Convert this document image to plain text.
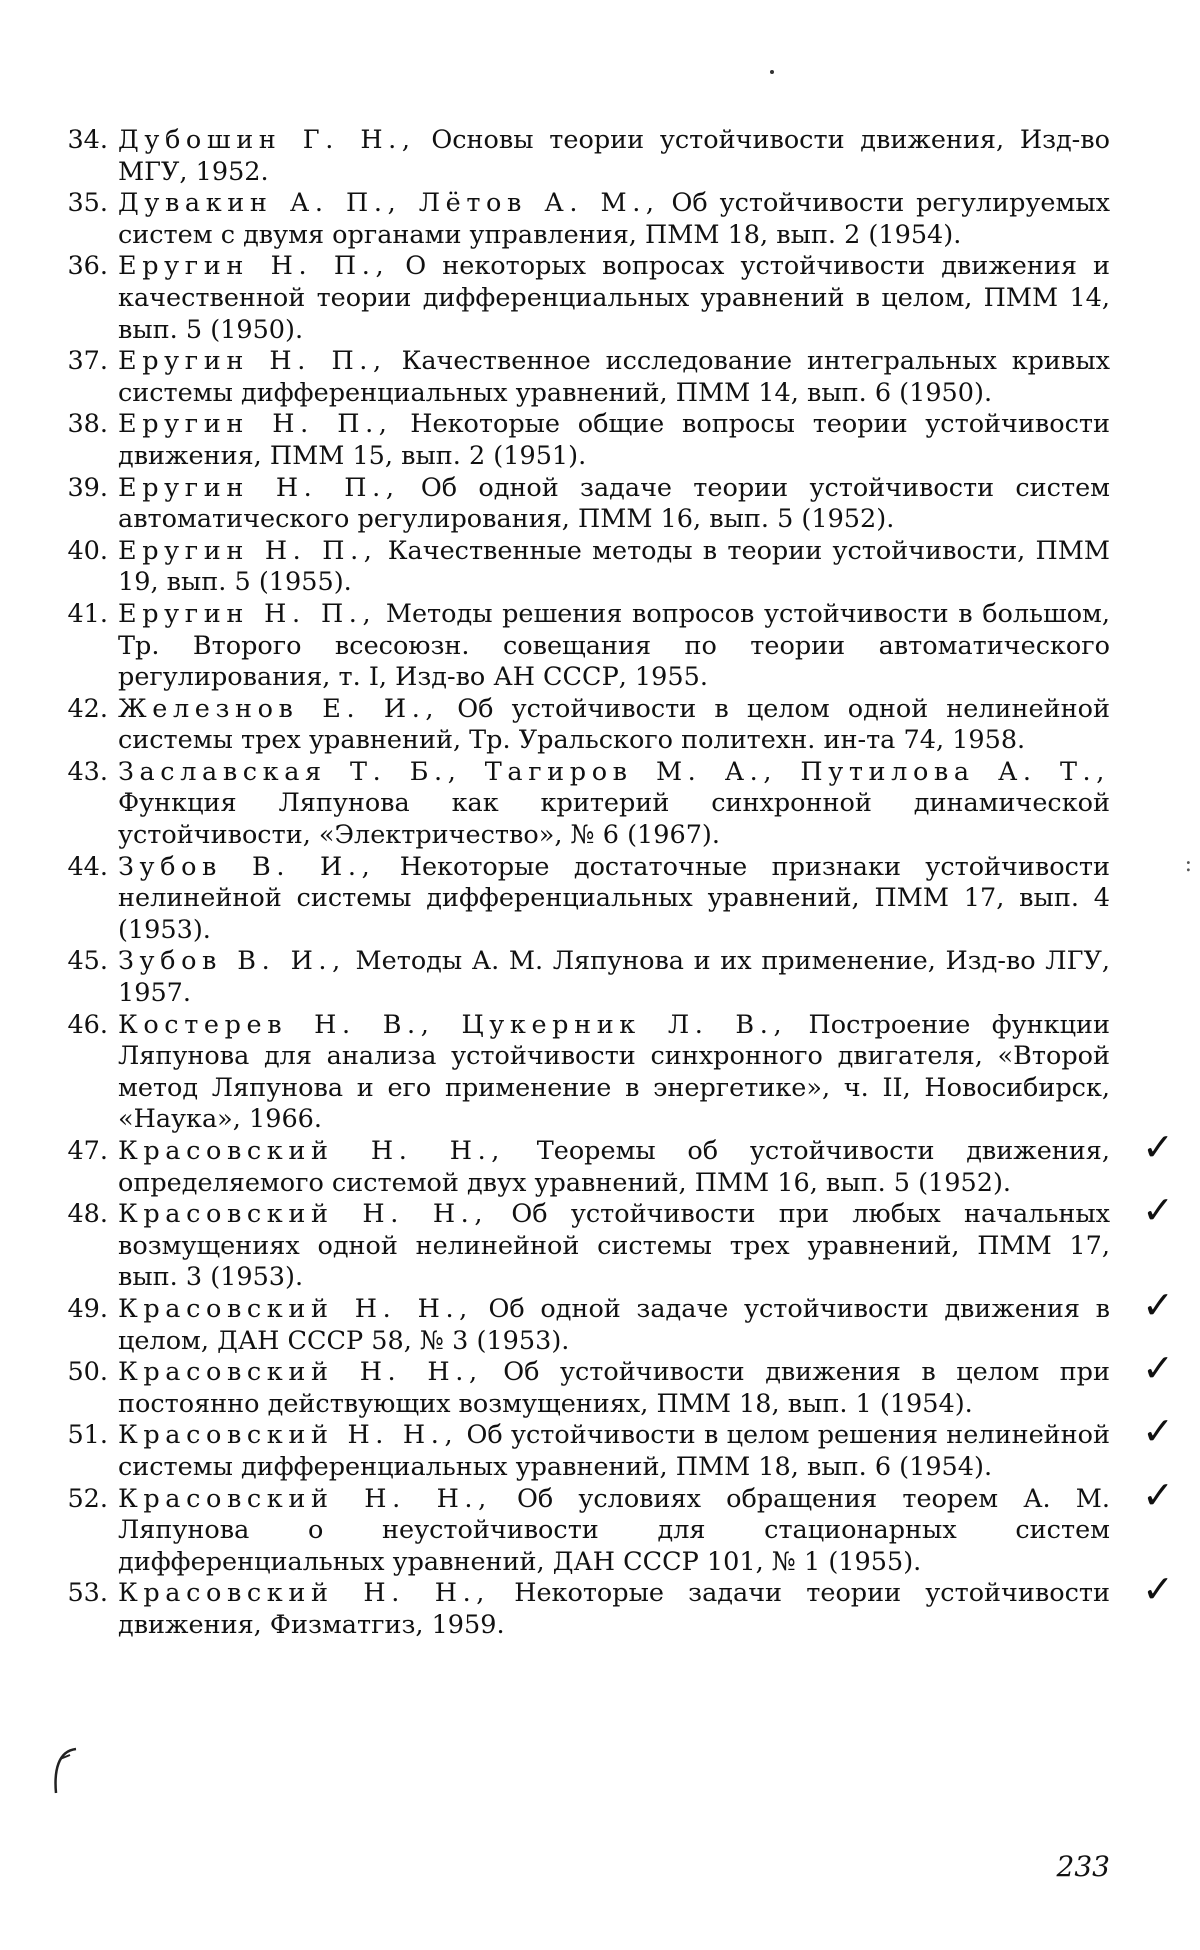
34. Дубошин Г. Н., Основы теории устойчивости движения, Изд-во МГУ, 1952.
35. Дувакин А. П., Лётов А. М., Об устойчивости регулируемых систем с двумя органами управления, ПММ 18, вып. 2 (1954).
36. Еругин Н. П., О некоторых вопросах устойчивости движения и качественной теории дифференциальных уравнений в целом, ПММ 14, вып. 5 (1950).
37. Еругин Н. П., Качественное исследование интегральных кривых системы дифференциальных уравнений, ПММ 14, вып. 6 (1950).
38. Еругин Н. П., Некоторые общие вопросы теории устойчивости движения, ПММ 15, вып. 2 (1951).
39. Еругин Н. П., Об одной задаче теории устойчивости систем автоматического регулирования, ПММ 16, вып. 5 (1952).
40. Еругин Н. П., Качественные методы в теории устойчивости, ПММ 19, вып. 5 (1955).
41. Еругин Н. П., Методы решения вопросов устойчивости в большом, Тр. Второго всесоюзн. совещания по теории автоматического регулирования, т. I, Изд-во АН СССР, 1955.
42. Железнов Е. И., Об устойчивости в целом одной нелинейной системы трех уравнений, Тр. Уральского политехн. ин-та 74, 1958.
43. Заславская Т. Б., Тагиров М. А., Путилова А. Т., Функция Ляпунова как критерий синхронной динамической устойчивости, «Электричество», № 6 (1967).
44. Зубов В. И., Некоторые достаточные признаки устойчивости нелинейной системы дифференциальных уравнений, ПММ 17, вып. 4 (1953).
45. Зубов В. И., Методы А. М. Ляпунова и их применение, Изд-во ЛГУ, 1957.
46. Костерев Н. В., Цукерник Л. В., Построение функции Ляпунова для анализа устойчивости синхронного двигателя, «Второй метод Ляпунова и его применение в энергетике», ч. II, Новосибирск, «Наука», 1966.
47. Красовский Н. Н., Теоремы об устойчивости движения, определяемого системой двух уравнений, ПММ 16, вып. 5 (1952).
✓
48. Красовский Н. Н., Об устойчивости при любых начальных возмущениях одной нелинейной системы трех уравнений, ПММ 17, вып. 3 (1953).
✓
49. Красовский Н. Н., Об одной задаче устойчивости движения в целом, ДАН СССР 58, № 3 (1953).
✓
50. Красовский Н. Н., Об устойчивости движения в целом при постоянно действующих возмущениях, ПММ 18, вып. 1 (1954).
✓
51. Красовский Н. Н., Об устойчивости в целом решения нелинейной системы дифференциальных уравнений, ПММ 18, вып. 6 (1954).
✓
52. Красовский Н. Н., Об условиях обращения теорем А. М. Ляпунова о неустойчивости для стационарных систем дифференциальных уравнений, ДАН СССР 101, № 1 (1955).
✓
53. Красовский Н. Н., Некоторые задачи теории устойчивости движения, Физматгиз, 1959.
✓
:
233
